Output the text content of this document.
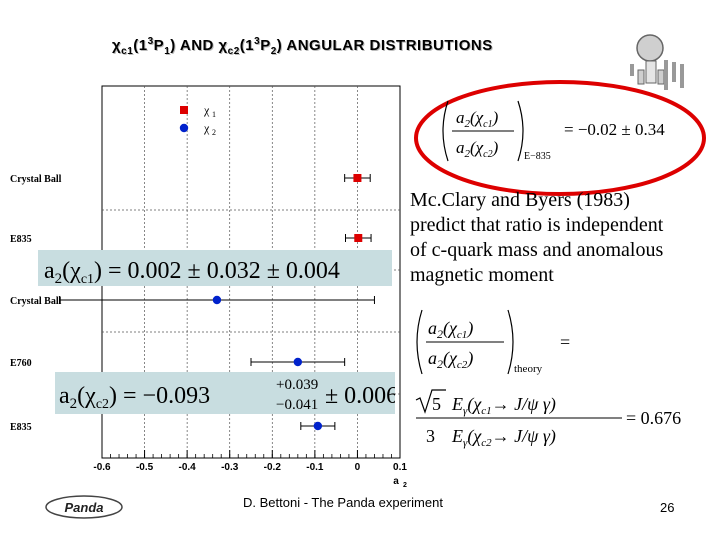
$\chi_{c1}(1^3P_1)$ AND $\chi_{c2}(1^3P_2)$ ANGULAR DISTRIBUTIONS
$a_2(\chi_{c1})$
$a_2(\chi_{c2})$	E−835
= −0.02 ± 0.34
-0.6	-0.5	-0.4	-0.3	-0.2	-0.1	0	0.1
a 2
χ 1
χ 2
Crystal Ball
E835
Crystal Ball
E760
E835
$a_2(\chi_{c1}) = 0.002 \pm 0.032 \pm 0.004$
$a_2(\chi_{c2}) = -0.093$	+0.039
−0.041 ± 0.006
Mc.Clary and Byers (1983)
predict that ratio is independent
of c-quark mass and anomalous
magnetic moment
$a_2(\chi_{c1})$
$a_2(\chi_{c2})$
theory
=
5
3
$E_\gamma(\chi_{c1}\to J/\psi$ γ)
$E_\gamma(\chi_{c2}\to J/\psi$ γ)
= 0.676
Panda	D. Bettoni - The Panda experiment	26
